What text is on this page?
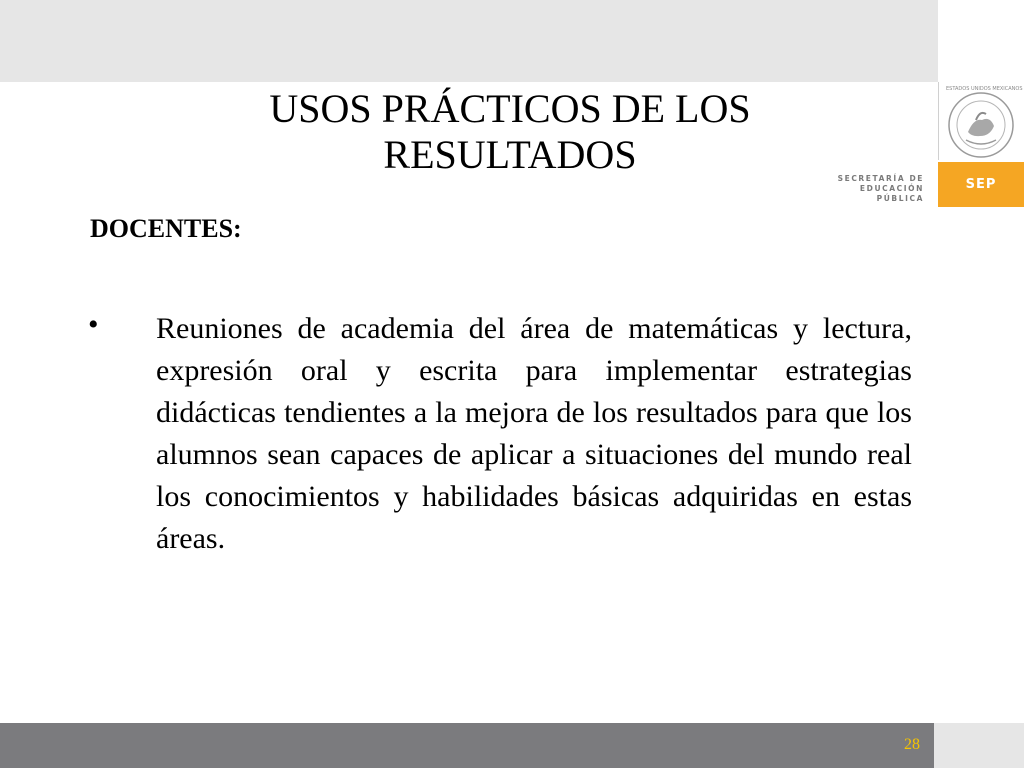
ESTADOS UNIDOS MEXICANOS
SECRETARÍA DE
EDUCACIÓN PÚBLICA
SEP
USOS PRÁCTICOS DE LOS
RESULTADOS
DOCENTES:
• Reuniones de academia del área de matemáticas y lectura, expresión oral y escrita para implementar estrategias didácticas tendientes a la mejora de los resultados para que los alumnos sean capaces de aplicar a situaciones del mundo real los conocimientos y habilidades básicas adquiridas en estas áreas.
28
